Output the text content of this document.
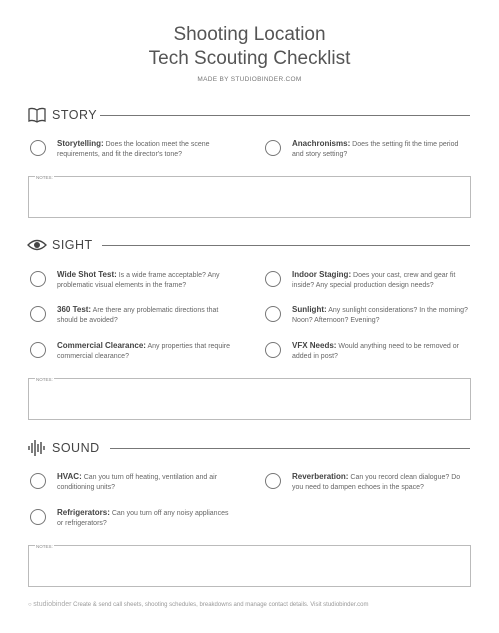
Shooting Location
Tech Scouting Checklist
MADE BY STUDIOBINDER.COM
STORY
Storytelling: Does the location meet the scene requirements, and fit the director's tone?
Anachronisms: Does the setting fit the time period and story setting?
NOTES:
SIGHT
Wide Shot Test: Is a wide frame acceptable? Any problematic visual elements in the frame?
Indoor Staging: Does your cast, crew and gear fit inside? Any special production design needs?
360 Test: Are there any problematic directions that should be avoided?
Sunlight: Any sunlight considerations? In the morning? Noon? Afternoon? Evening?
Commercial Clearance: Any properties that require commercial clearance?
VFX Needs: Would anything need to be removed or added in post?
NOTES:
SOUND
HVAC: Can you turn off heating, ventilation and air conditioning units?
Reverberation: Can you record clean dialogue? Do you need to dampen echoes in the space?
Refrigerators: Can you turn off any noisy appliances or refrigerators?
NOTES:
○ studiobinder Create & send call sheets, shooting schedules, breakdowns and manage contact details. Visit studiobinder.com
